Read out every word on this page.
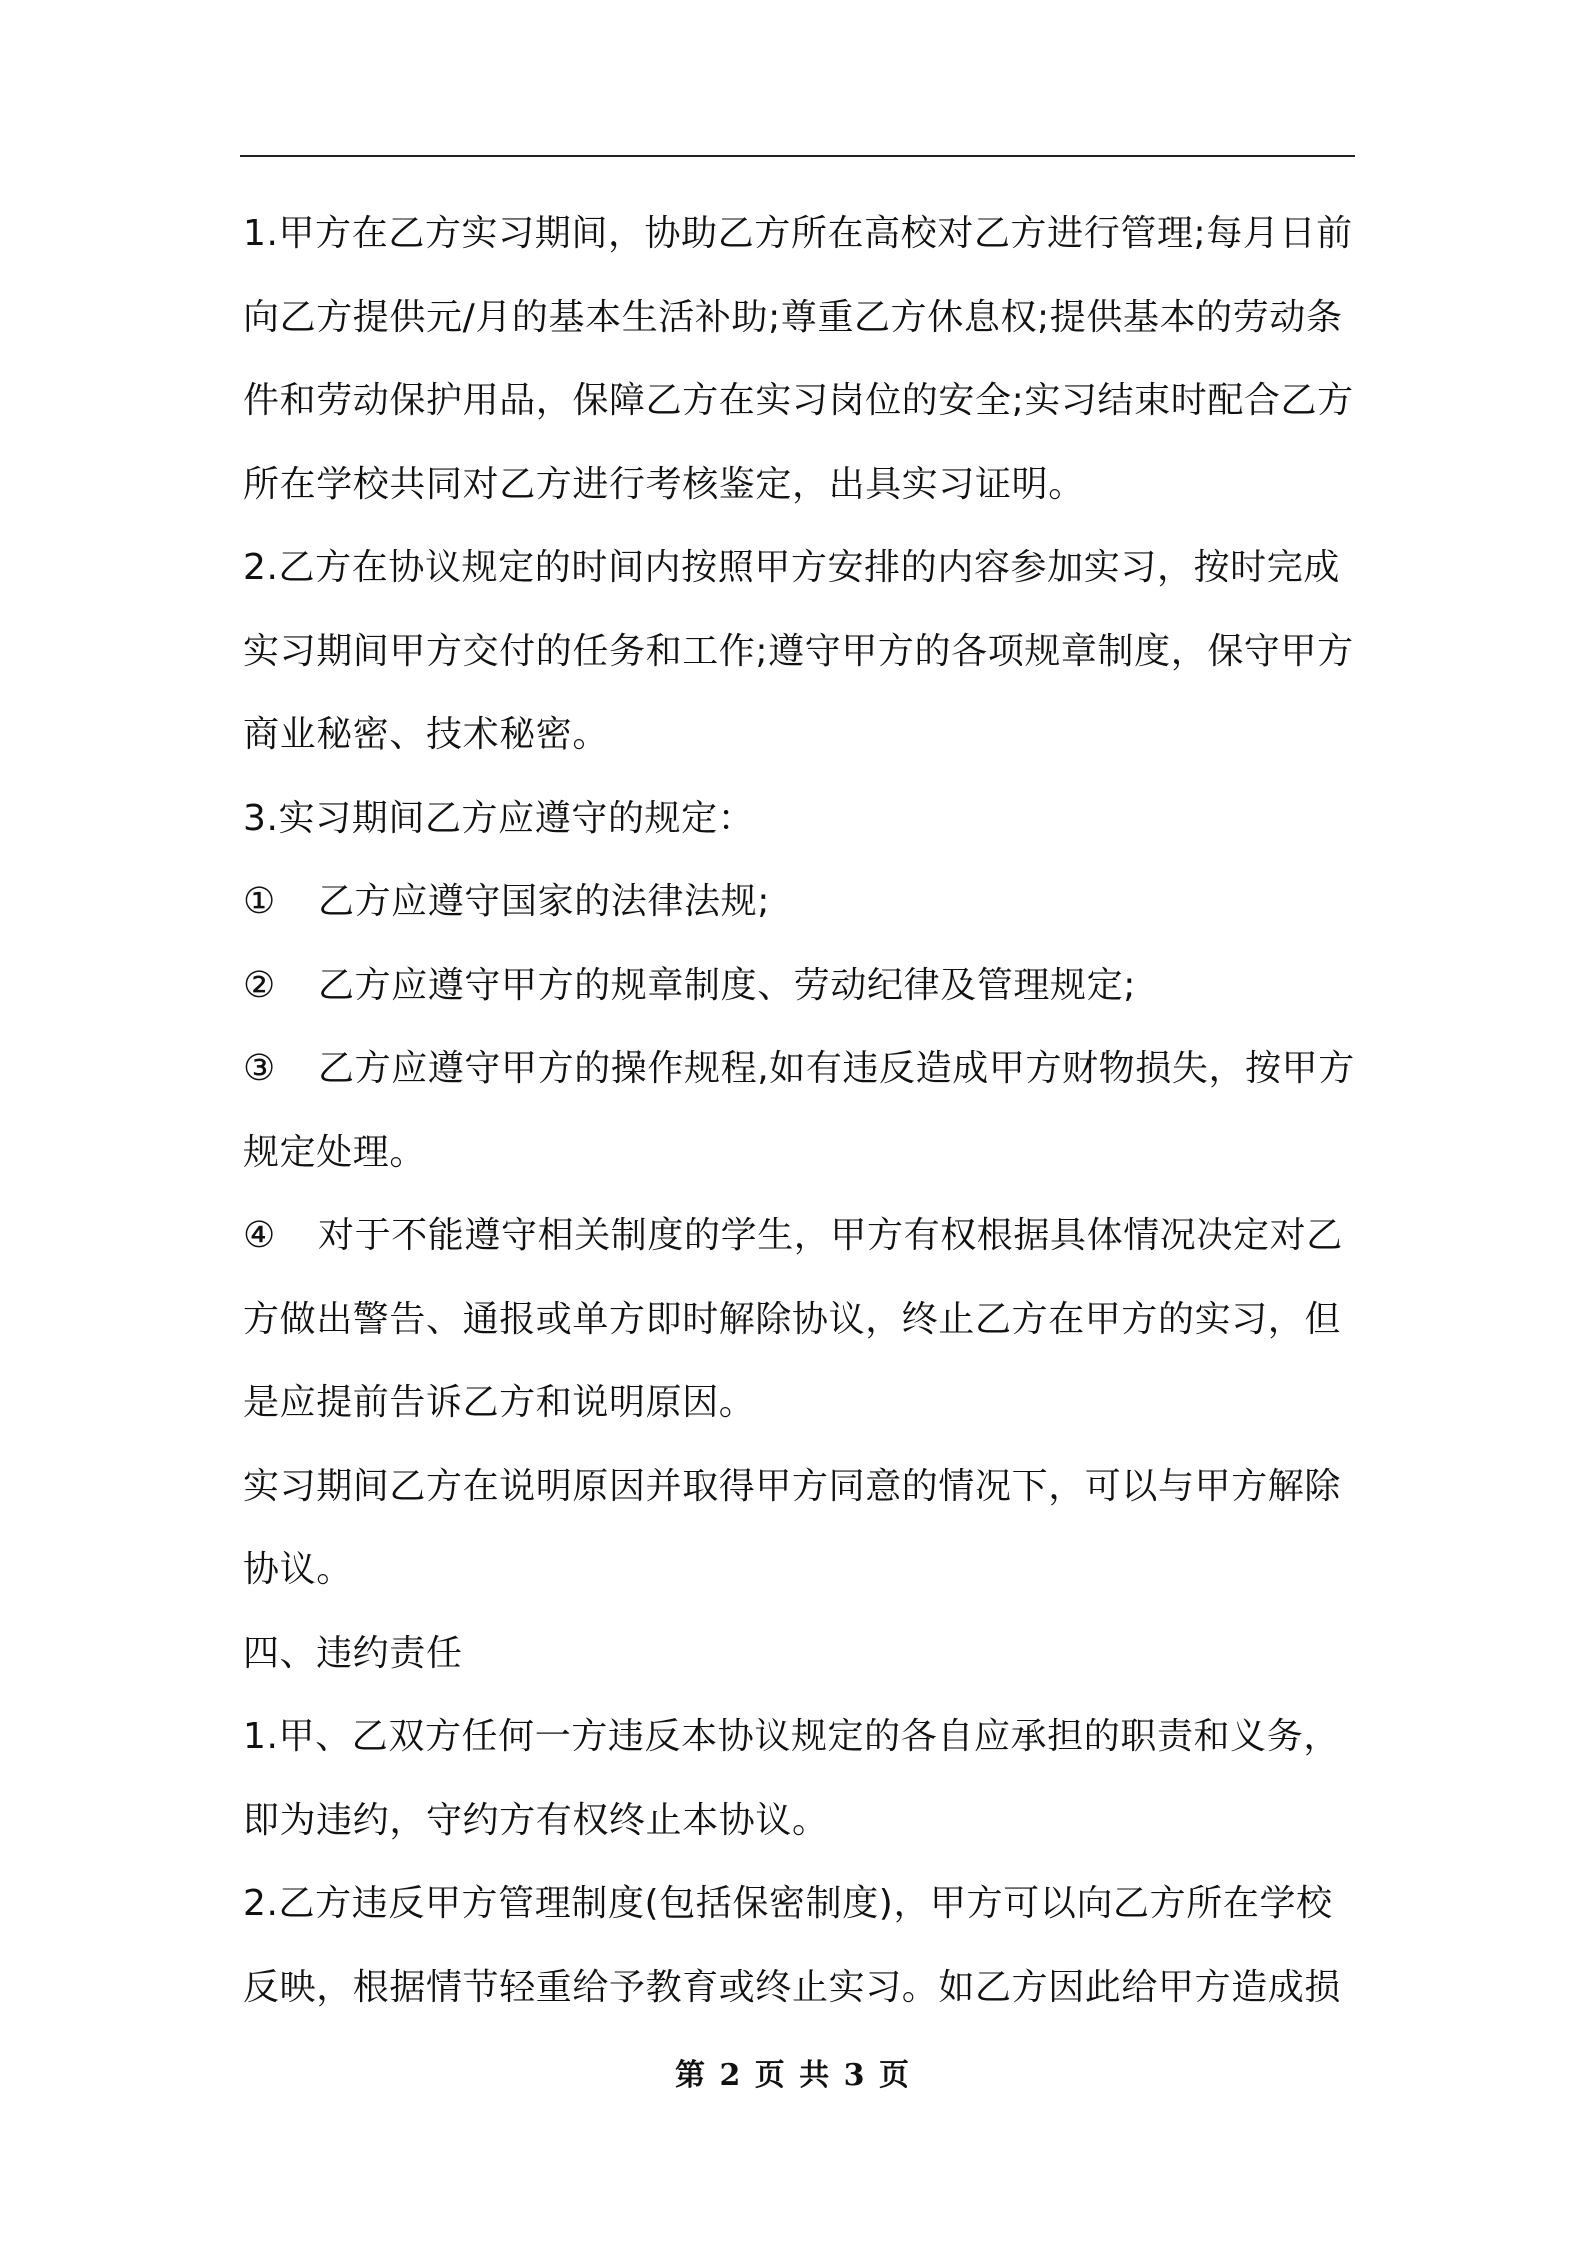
1.甲方在乙方实习期间，协助乙方所在高校对乙方进行管理;每月日前向乙方提供元/月的基本生活补助;尊重乙方休息权;提供基本的劳动条件和劳动保护用品，保障乙方在实习岗位的安全;实习结束时配合乙方所在学校共同对乙方进行考核鉴定，出具实习证明。

2.乙方在协议规定的时间内按照甲方安排的内容参加实习，按时完成实习期间甲方交付的任务和工作;遵守甲方的各项规章制度，保守甲方商业秘密、技术秘密。

3.实习期间乙方应遵守的规定：

①	乙方应遵守国家的法律法规;
②	乙方应遵守甲方的规章制度、劳动纪律及管理规定;

③ 乙方应遵守甲方的操作规程,如有违反造成甲方财物损失，按甲方规定处理。

④ 对于不能遵守相关制度的学生，甲方有权根据具体情况决定对乙方做出警告、通报或单方即时解除协议，终止乙方在甲方的实习，但是应提前告诉乙方和说明原因。

实习期间乙方在说明原因并取得甲方同意的情况下，可以与甲方解除协议。

四、违约责任

1.甲、乙双方任何一方违反本协议规定的各自应承担的职责和义务，即为违约，守约方有权终止本协议。

2.乙方违反甲方管理制度(包括保密制度)，甲方可以向乙方所在学校反映，根据情节轻重给予教育或终止实习。如乙方因此给甲方造成损

第 2 页 共 3 页
